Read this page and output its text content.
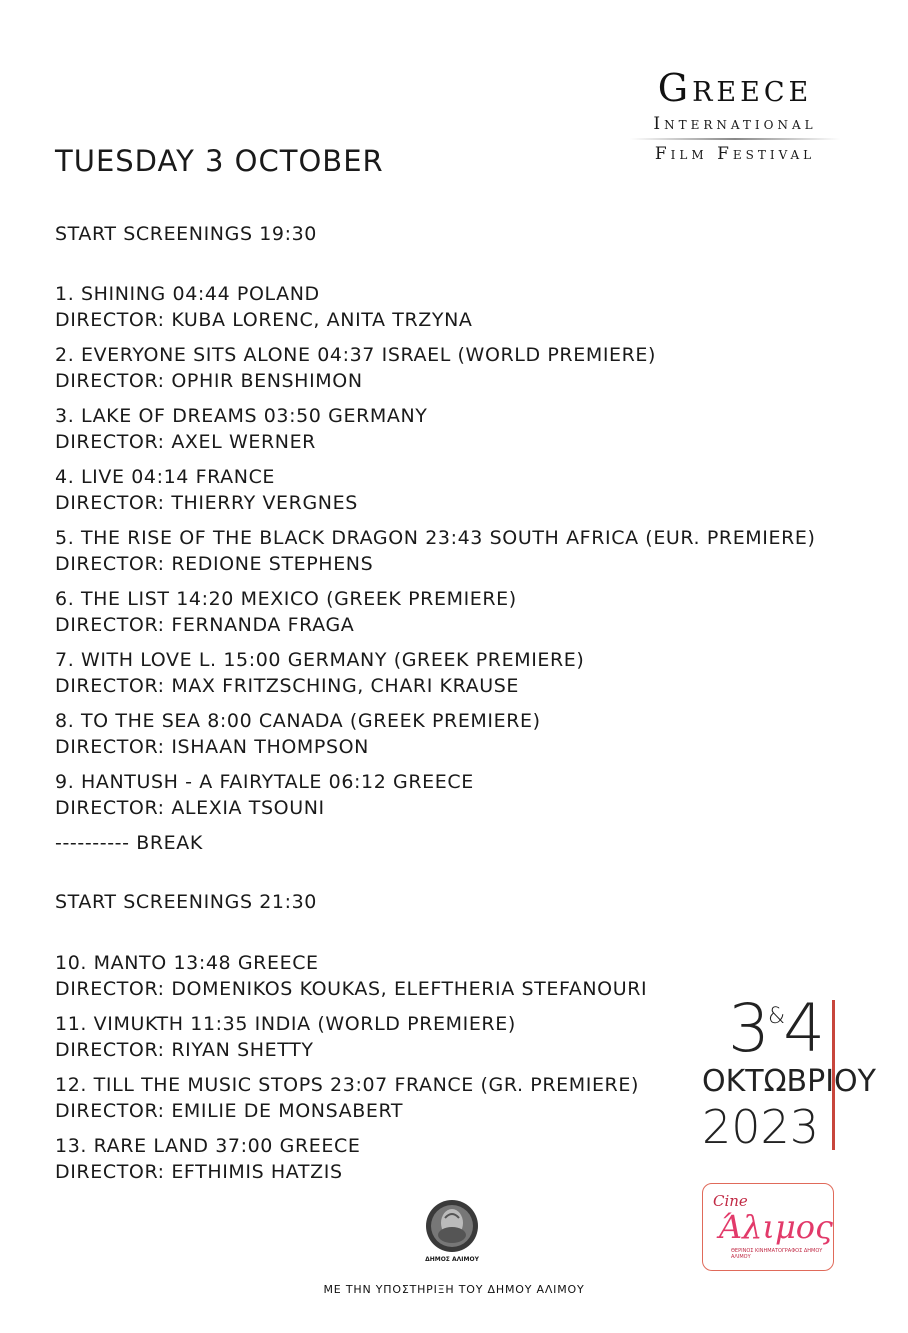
Greece
International
Film Festival
TUESDAY 3 OCTOBER
START SCREENINGS 19:30
1. SHINING 04:44 POLAND
DIRECTOR: KUBA LORENC, ANITA TRZYNA
2. EVERYONE SITS ALONE 04:37 ISRAEL (WORLD PREMIERE)
DIRECTOR: OPHIR BENSHIMON
3. LAKE OF DREAMS 03:50 GERMANY
DIRECTOR: AXEL WERNER
4. LIVE 04:14 FRANCE
DIRECTOR: THIERRY VERGNES
5. THE RISE OF THE BLACK DRAGON 23:43 SOUTH AFRICA (EUR. PREMIERE)
DIRECTOR: REDIONE STEPHENS
6. THE LIST 14:20 MEXICO (GREEK PREMIERE)
DIRECTOR: FERNANDA FRAGA
7. WITH LOVE L. 15:00 GERMANY (GREEK PREMIERE)
DIRECTOR: MAX FRITZSCHING, CHARI KRAUSE
8. TO THE SEA 8:00 CANADA (GREEK PREMIERE)
DIRECTOR: ISHAAN THOMPSON
9. HANTUSH - A FAIRYTALE 06:12 GREECE
DIRECTOR: ALEXIA TSOUNI
---------- BREAK
START SCREENINGS 21:30
10. MANTO 13:48 GREECE
DIRECTOR: DOMENIKOS KOUKAS, ELEFTHERIA STEFANOURI
11. VIMUKTH 11:35 INDIA (WORLD PREMIERE)
DIRECTOR: RIYAN SHETTY
12. TILL THE MUSIC STOPS 23:07 FRANCE (GR. PREMIERE)
DIRECTOR: EMILIE DE MONSABERT
13. RARE LAND 37:00 GREECE
DIRECTOR: EFTHIMIS HATZIS
3&4
ΟΚΤΩΒΡΙΟΥ
2023
ΔΗΜΟΣ ΑΛΙΜΟΥ
Cine
Άλιμος
ΘΕΡΙΝΟΣ ΚΙΝΗΜΑΤΟΓΡΑΦΟΣ ΔΗΜΟΥ ΑΛΙΜΟΥ
ΜΕ ΤΗΝ ΥΠΟΣΤΗΡΙΞΗ ΤΟΥ ΔΗΜΟΥ ΑΛΙΜΟΥ
